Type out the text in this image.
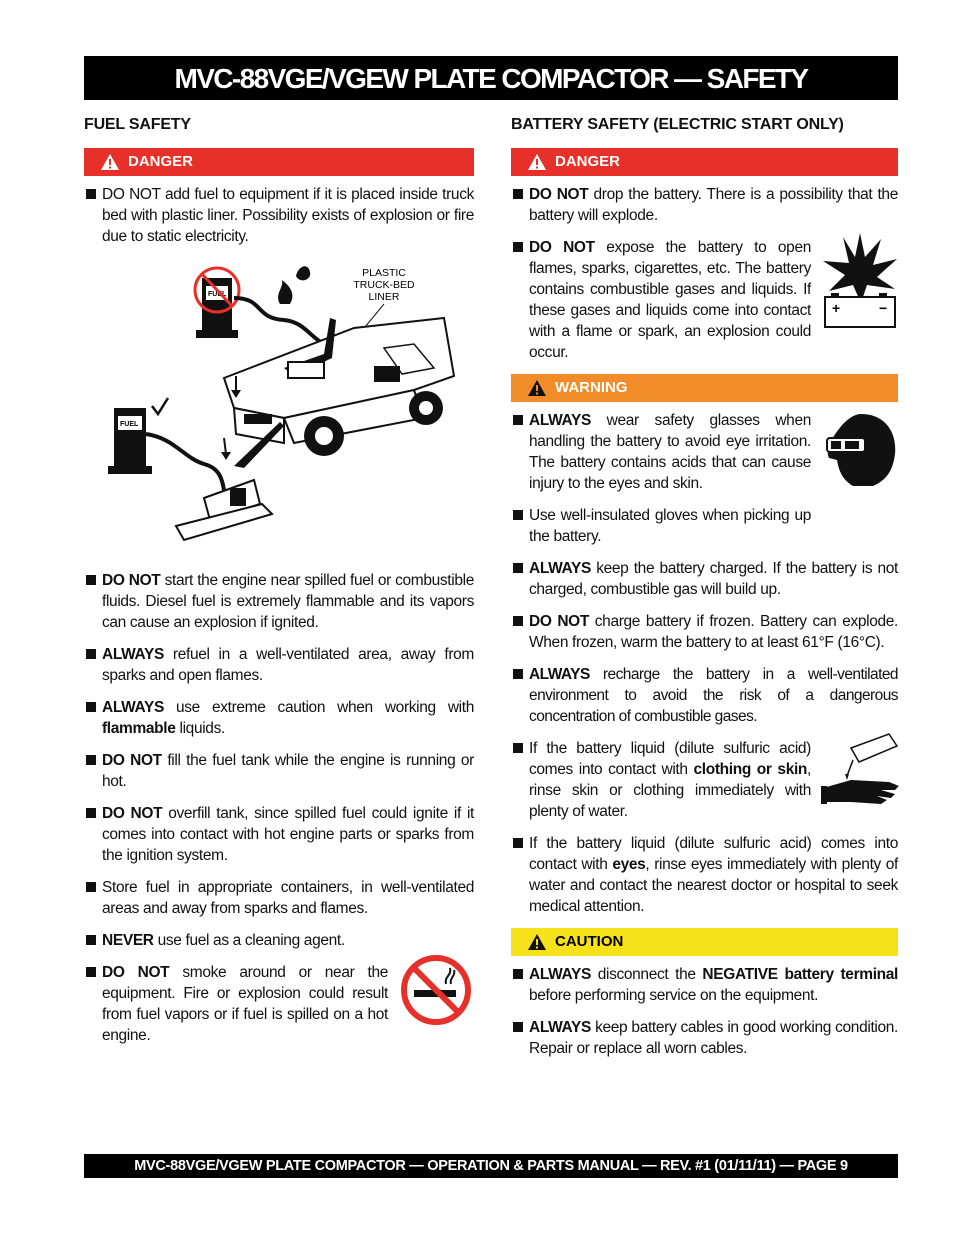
MVC-88VGE/VGEW PLATE COMPACTOR — SAFETY INFORMATION
FUEL SAFETY
DANGER
DO NOT add fuel to equipment if it is placed inside truck bed with plastic liner. Possibility exists of explosion or fire due to static electricity.
FUEL
PLASTIC
TRUCK-BED
LINER
FUEL
DO NOT start the engine near spilled fuel or combustible fluids. Diesel fuel is extremely flammable and its vapors can cause an explosion if ignited.
ALWAYS refuel in a well-ventilated area, away from sparks and open flames.
ALWAYS use extreme caution when working with flammable liquids.
DO NOT fill the fuel tank while the engine is running or hot.
DO NOT overfill tank, since spilled fuel could ignite if it comes into contact with hot engine parts or sparks from the ignition system.
Store fuel in appropriate containers, in well-ventilated areas and away from sparks and flames.
NEVER use fuel as a cleaning agent.
DO NOT smoke around or near the equipment. Fire or explosion could result from fuel vapors or if fuel is spilled on a hot engine.
BATTERY SAFETY (ELECTRIC START ONLY)
DANGER
DO NOT drop the battery. There is a possibility that the battery will explode.
DO NOT expose the battery to open flames, sparks, cigarettes, etc. The battery contains combustible gases and liquids. If these gases and liquids come into contact with a flame or spark, an explosion could occur.
+	−
WARNING
ALWAYS wear safety glasses when handling the battery to avoid eye irritation. The battery contains acids that can cause injury to the eyes and skin.
Use well-insulated gloves when picking up the battery.
ALWAYS keep the battery charged. If the battery is not charged, combustible gas will build up.
DO NOT charge battery if frozen. Battery can explode. When frozen, warm the battery to at least 61°F (16°C).
ALWAYS recharge the battery in a well-ventilated environment to avoid the risk of a dangerous concentration of combustible gases.
If the battery liquid (dilute sulfuric acid) comes into contact with clothing or skin, rinse skin or clothing immediately with plenty of water.
If the battery liquid (dilute sulfuric acid) comes into contact with eyes, rinse eyes immediately with plenty of water and contact the nearest doctor or hospital to seek medical attention.
CAUTION
ALWAYS disconnect the NEGATIVE battery terminal before performing service on the equipment.
ALWAYS keep battery cables in good working condition. Repair or replace all worn cables.
MVC-88VGE/VGEW PLATE COMPACTOR — OPERATION & PARTS MANUAL — REV. #1 (01/11/11) — PAGE 9
